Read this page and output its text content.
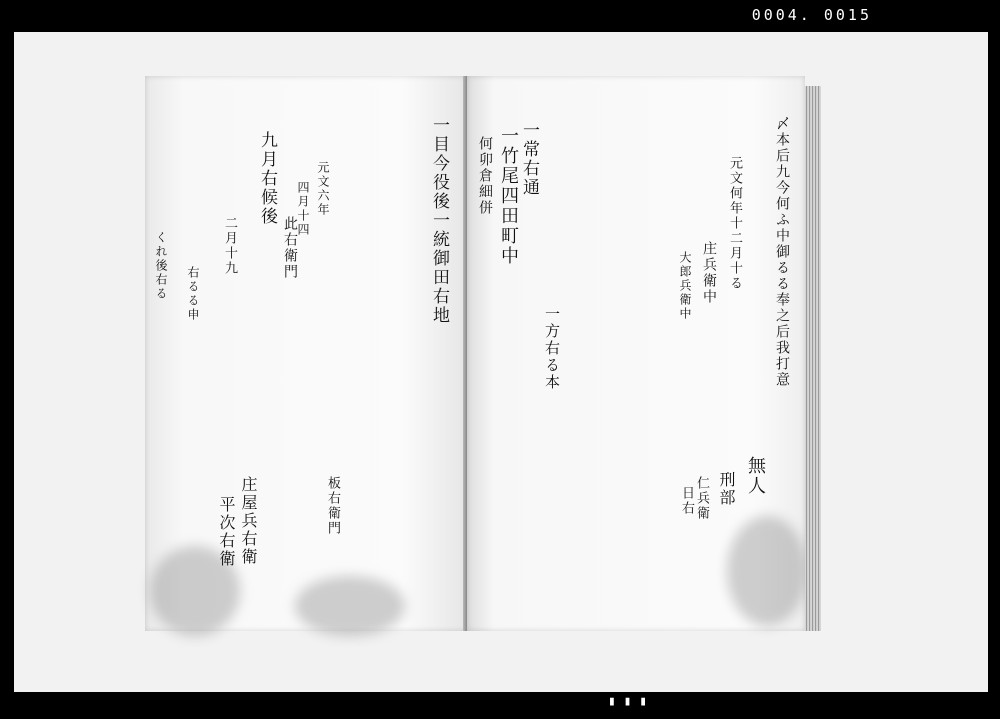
0004. 0015
一目今役後一統御田右地
九月右候後	元文六年
四月十四
此右衛門
板右衛門
二月十九
くれ後右る
平次右衛 庄屋兵右衛
右るる申	〆本后九今何ふ中御るる奉之后我打意
一竹尾四田町中	元文何年十二月十る
庄兵衛中
大郎兵衛中
無人
刑部
仁兵衛
日右
一常右通
何卯倉細併
一方右る本
▮ ▮ ▮
